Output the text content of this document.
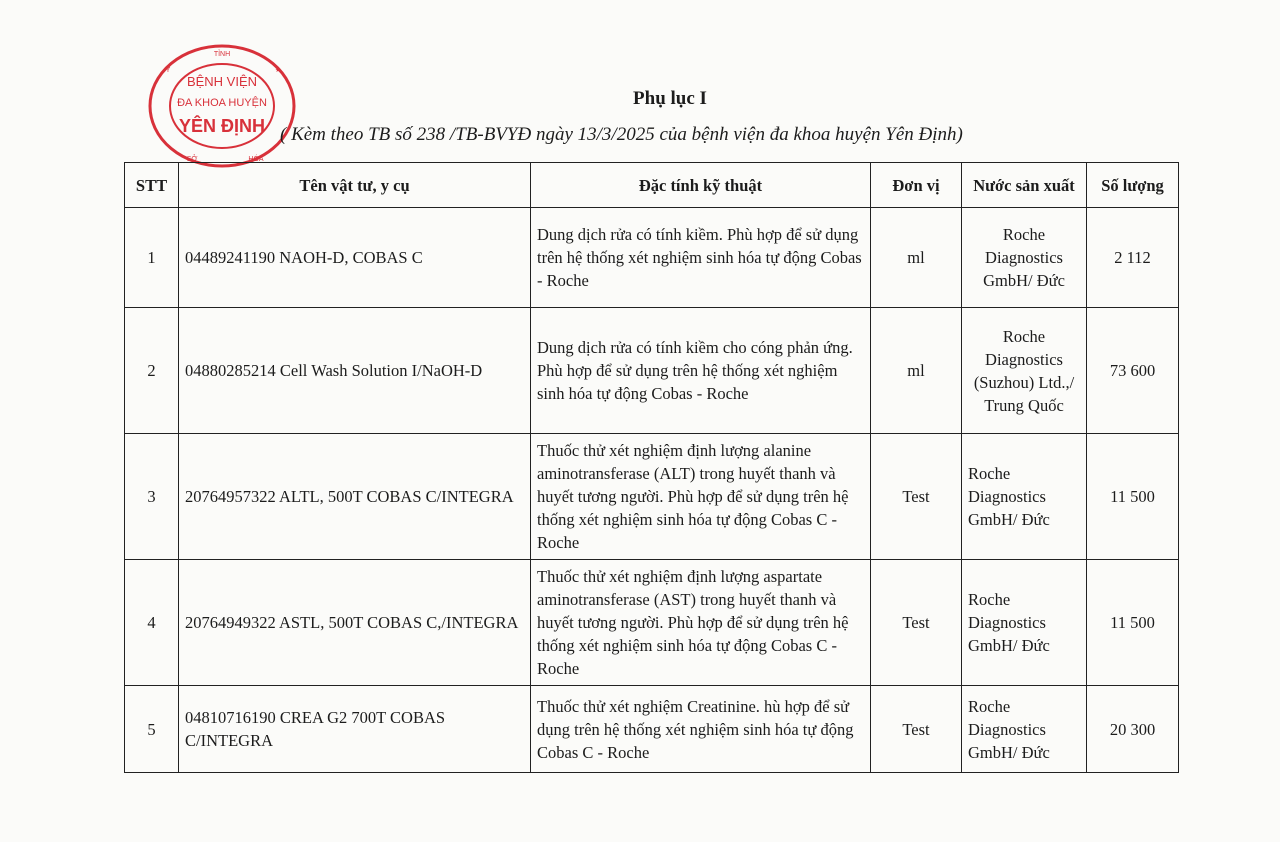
BỆNH VIỆN
ĐA KHOA HUYỆN
YÊN ĐỊNH
TỈNH
Y	★
SỞ	HÓA
Phụ lục I
( Kèm theo TB số 238 /TB-BVYĐ ngày 13/3/2025 của bệnh viện đa khoa huyện Yên Định)
STT	Tên vật tư, y cụ	Đặc tính kỹ thuật	Đơn vị	Nước sản xuất	Số lượng
1	04489241190 NAOH-D, COBAS C	Dung dịch rửa có tính kiềm. Phù hợp để sử dụng trên hệ thống xét nghiệm sinh hóa tự động Cobas - Roche	ml	Roche Diagnostics GmbH/ Đức	2 112
2	04880285214 Cell Wash Solution I/NaOH-D	Dung dịch rửa có tính kiềm cho cóng phản ứng. Phù hợp để sử dụng trên hệ thống xét nghiệm sinh hóa tự động Cobas - Roche	ml	Roche Diagnostics (Suzhou) Ltd.,/ Trung Quốc	73 600
3	20764957322 ALTL, 500T COBAS C/INTEGRA	Thuốc thử xét nghiệm định lượng alanine aminotransferase (ALT) trong huyết thanh và huyết tương người. Phù hợp để sử dụng trên hệ thống xét nghiệm sinh hóa tự động Cobas C - Roche	Test	Roche Diagnostics GmbH/ Đức	11 500
4	20764949322 ASTL, 500T COBAS C,/INTEGRA	Thuốc thử xét nghiệm định lượng aspartate aminotransferase (AST) trong huyết thanh và huyết tương người. Phù hợp để sử dụng trên hệ thống xét nghiệm sinh hóa tự động Cobas C - Roche	Test	Roche Diagnostics GmbH/ Đức	11 500
5	04810716190 CREA G2 700T COBAS C/INTEGRA	Thuốc thử xét nghiệm Creatinine. hù hợp để sử dụng trên hệ thống xét nghiệm sinh hóa tự động Cobas C - Roche	Test	Roche Diagnostics GmbH/ Đức	20 300
